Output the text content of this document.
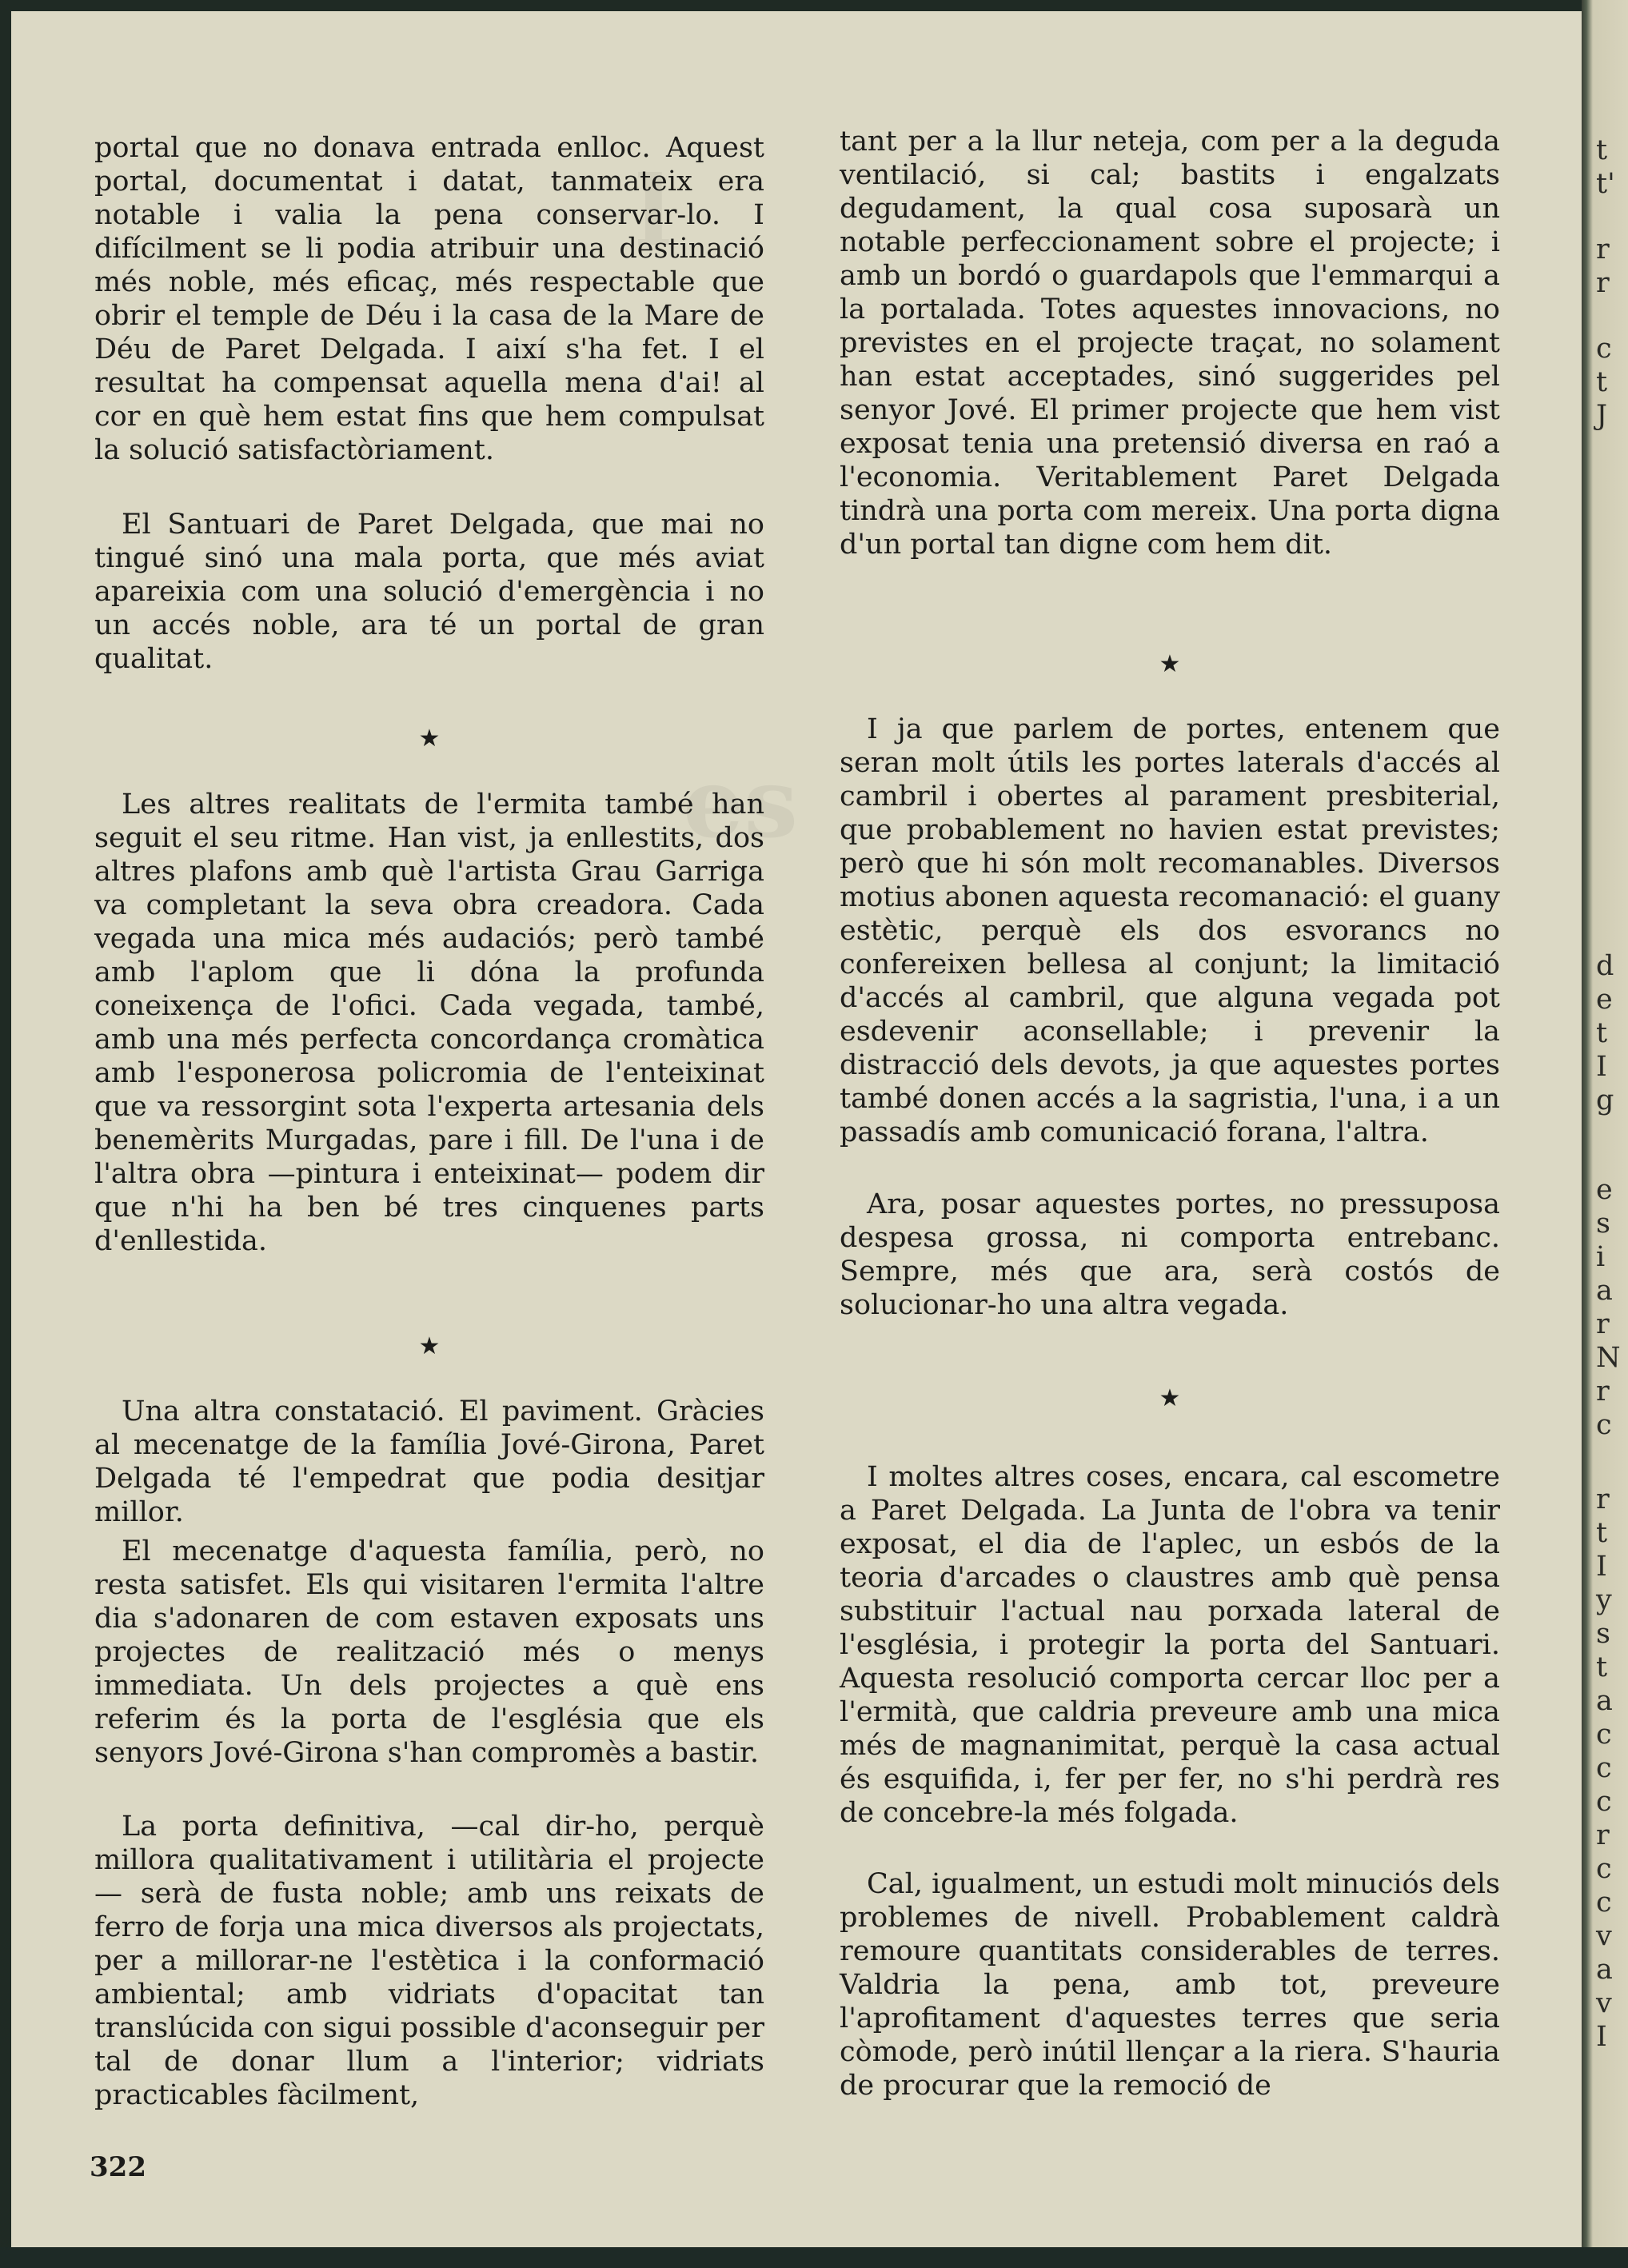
l
es

portal que no donava entrada enlloc. Aquest portal, documentat i datat, tanmateix era notable i valia la pena conservar-lo. I difícilment se li podia atribuir una destinació més noble, més eficaç, més respectable que obrir el temple de Déu i la casa de la Mare de Déu de Paret Delgada. I així s'ha fet. I el resultat ha compensat aquella mena d'ai! al cor en què hem estat fins que hem compulsat la solució satisfactòriament.

El Santuari de Paret Delgada, que mai no tingué sinó una mala porta, que més aviat apareixia com una solució d'emergència i no un accés noble, ara té un portal de gran qualitat.

★

Les altres realitats de l'ermita també han seguit el seu ritme. Han vist, ja enllestits, dos altres plafons amb què l'artista Grau Garriga va completant la seva obra creadora. Cada vegada una mica més audaciós; però també amb l'aplom que li dóna la profunda coneixença de l'ofici. Cada vegada, també, amb una més perfecta concordança cromàtica amb l'esponerosa policromia de l'enteixinat que va ressorgint sota l'experta artesania dels benemèrits Murgadas, pare i fill. De l'una i de l'altra obra —pintura i enteixinat— podem dir que n'hi ha ben bé tres cinquenes parts d'enllestida.

★

Una altra constatació. El paviment. Gràcies al mecenatge de la família Jové-Girona, Paret Delgada té l'empedrat que podia desitjar millor.

El mecenatge d'aquesta família, però, no resta satisfet. Els qui visitaren l'ermita l'altre dia s'adonaren de com estaven exposats uns projectes de realització més o menys immediata. Un dels projectes a què ens referim és la porta de l'església que els senyors Jové-Girona s'han compromès a bastir.

La porta definitiva, —cal dir-ho, perquè millora qualitativament i utilitària el projecte— serà de fusta noble; amb uns reixats de ferro de forja una mica diversos als projectats, per a millorar-ne l'estètica i la conformació ambiental; amb vidriats d'opacitat tan translúcida con sigui possible d'aconseguir per tal de donar llum a l'interior; vidriats practicables fàcilment,

tant per a la llur neteja, com per a la deguda ventilació, si cal; bastits i engalzats degudament, la qual cosa suposarà un notable perfeccionament sobre el projecte; i amb un bordó o guardapols que l'emmarqui a la portalada. Totes aquestes innovacions, no previstes en el projecte traçat, no solament han estat acceptades, sinó suggerides pel senyor Jové. El primer projecte que hem vist exposat tenia una pretensió diversa en raó a l'economia. Veritablement Paret Delgada tindrà una porta com mereix. Una porta digna d'un portal tan digne com hem dit.

★

I ja que parlem de portes, entenem que seran molt útils les portes laterals d'accés al cambril i obertes al parament presbiterial, que probablement no havien estat previstes; però que hi són molt recomanables. Diversos motius abonen aquesta recomanació: el guany estètic, perquè els dos esvorancs no confereixen bellesa al conjunt; la limitació d'accés al cambril, que alguna vegada pot esdevenir aconsellable; i prevenir la distracció dels devots, ja que aquestes portes també donen accés a la sagristia, l'una, i a un passadís amb comunicació forana, l'altra.

Ara, posar aquestes portes, no pressuposa despesa grossa, ni comporta entrebanc. Sempre, més que ara, serà costós de solucionar-ho una altra vegada.

★

I moltes altres coses, encara, cal escometre a Paret Delgada. La Junta de l'obra va tenir exposat, el dia de l'aplec, un esbós de la teoria d'arcades o claustres amb què pensa substituir l'actual nau porxada lateral de l'església, i protegir la porta del Santuari. Aquesta resolució comporta cercar lloc per a l'ermità, que caldria preveure amb una mica més de magnanimitat, perquè la casa actual és esquifida, i, fer per fer, no s'hi perdrà res de concebre-la més folgada.

Cal, igualment, un estudi molt minuciós dels problemes de nivell. Probablement caldrà remoure quantitats considerables de terres. Valdria la pena, amb tot, preveure l'aprofitament d'aquestes terres que seria còmode, però inútil llençar a la riera. S'hauria de procurar que la remoció de

322
t
t'
r
r
c
t
J
d
e
t
I
g
e
s
i
a
r
N
r
c
r
t
I
y
s
t
a
c
c
c
r
c
c
v
a
v
I
